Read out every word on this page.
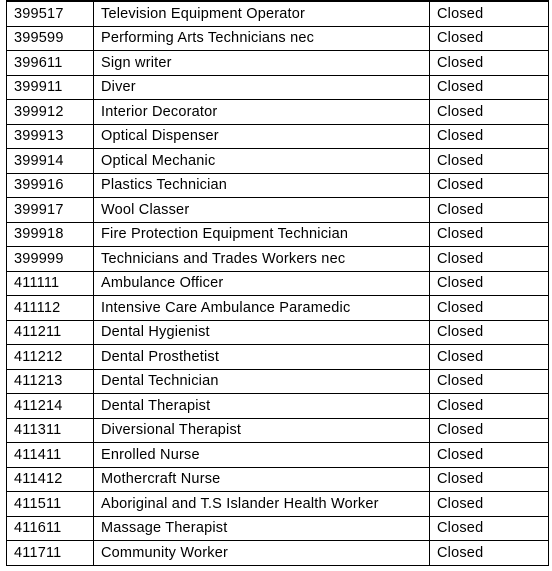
399517	Television Equipment Operator	Closed
399599	Performing Arts Technicians nec	Closed
399611	Sign writer	Closed
399911	Diver	Closed
399912	Interior Decorator	Closed
399913	Optical Dispenser	Closed
399914	Optical Mechanic	Closed
399916	Plastics Technician	Closed
399917	Wool Classer	Closed
399918	Fire Protection Equipment Technician	Closed
399999	Technicians and Trades Workers nec	Closed
411111	Ambulance Officer	Closed
411112	Intensive Care Ambulance Paramedic	Closed
411211	Dental Hygienist	Closed
411212	Dental Prosthetist	Closed
411213	Dental Technician	Closed
411214	Dental Therapist	Closed
411311	Diversional Therapist	Closed
411411	Enrolled Nurse	Closed
411412	Mothercraft Nurse	Closed
411511	Aboriginal and T.S Islander Health Worker	Closed
411611	Massage Therapist	Closed
411711	Community Worker	Closed
